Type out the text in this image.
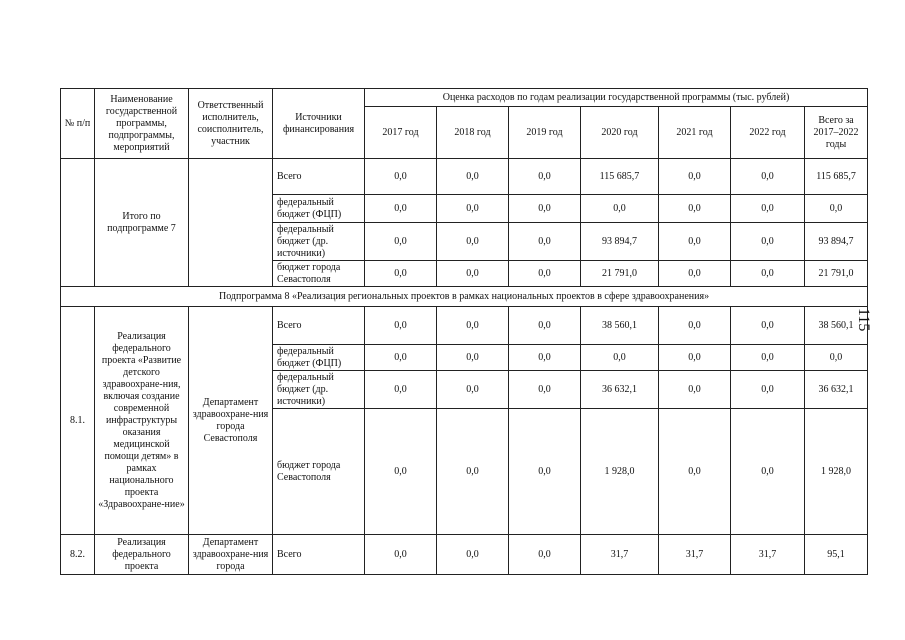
№ п/п	Наименование государственной программы, подпрограммы, мероприятий	Ответственный исполнитель, соисполнитель, участник	Источники финансирования	Оценка расходов по годам реализации государственной программы (тыс. рублей)						
				2017 год	2018 год	2019 год	2020 год	2021 год	2022 год	Всего за 2017–2022 годы
	Итого по подпрограмме 7		Всего	0,0	0,0	0,0	115 685,7	0,0	0,0	115 685,7
			федеральный бюджет (ФЦП)	0,0	0,0	0,0	0,0	0,0	0,0	0,0
			федеральный бюджет (др. источники)	0,0	0,0	0,0	93 894,7	0,0	0,0	93 894,7
			бюджет города Севастополя	0,0	0,0	0,0	21 791,0	0,0	0,0	21 791,0
Подпрограмма 8 «Реализация региональных проектов в рамках национальных проектов в сфере здравоохранения»										
8.1.	Реализация федерального проекта «Развитие детского здравоохране-ния, включая создание современной инфраструктуры оказания медицинской помощи детям» в рамках национального проекта «Здравоохране-ние»	Департамент здравоохране-ния города Севастополя	Всего	0,0	0,0	0,0	38 560,1	0,0	0,0	38 560,1
			федеральный бюджет (ФЦП)	0,0	0,0	0,0	0,0	0,0	0,0	0,0
			федеральный бюджет (др. источники)	0,0	0,0	0,0	36 632,1	0,0	0,0	36 632,1
			бюджет города Севастополя	0,0	0,0	0,0	1 928,0	0,0	0,0	1 928,0
8.2.	Реализация федерального проекта	Департамент здравоохране-ния города	Всего	0,0	0,0	0,0	31,7	31,7	31,7	95,1
115
